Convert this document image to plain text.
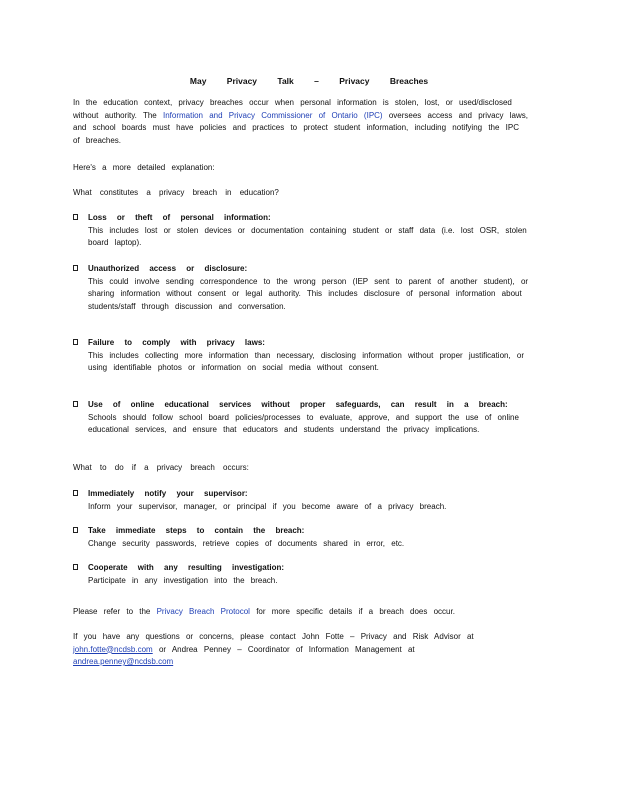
May Privacy Talk – Privacy Breaches
In the education context, privacy breaches occur when personal information is stolen, lost, or used/disclosed without authority. The Information and Privacy Commissioner of Ontario (IPC) oversees access and privacy laws, and school boards must have policies and practices to protect student information, including notifying the IPC of breaches.
Here's a more detailed explanation:
What constitutes a privacy breach in education?
Loss or theft of personal information:
This includes lost or stolen devices or documentation containing student or staff data (i.e. lost OSR, stolen board laptop).
Unauthorized access or disclosure:
This could involve sending correspondence to the wrong person (IEP sent to parent of another student), or sharing information without consent or legal authority. This includes disclosure of personal information about students/staff through discussion and conversation.
Failure to comply with privacy laws:
This includes collecting more information than necessary, disclosing information without proper justification, or using identifiable photos or information on social media without consent.
Use of online educational services without proper safeguards, can result in a breach:
Schools should follow school board policies/processes to evaluate, approve, and support the use of online educational services, and ensure that educators and students understand the privacy implications.
What to do if a privacy breach occurs:
Immediately notify your supervisor:
Inform your supervisor, manager, or principal if you become aware of a privacy breach.
Take immediate steps to contain the breach:
Change security passwords, retrieve copies of documents shared in error, etc.
Cooperate with any resulting investigation:
Participate in any investigation into the breach.
Please refer to the Privacy Breach Protocol for more specific details if a breach does occur.
If you have any questions or concerns, please contact John Fotte – Privacy and Risk Advisor at
john.fotte@ncdsb.com or Andrea Penney – Coordinator of Information Management at
andrea.penney@ncdsb.com
